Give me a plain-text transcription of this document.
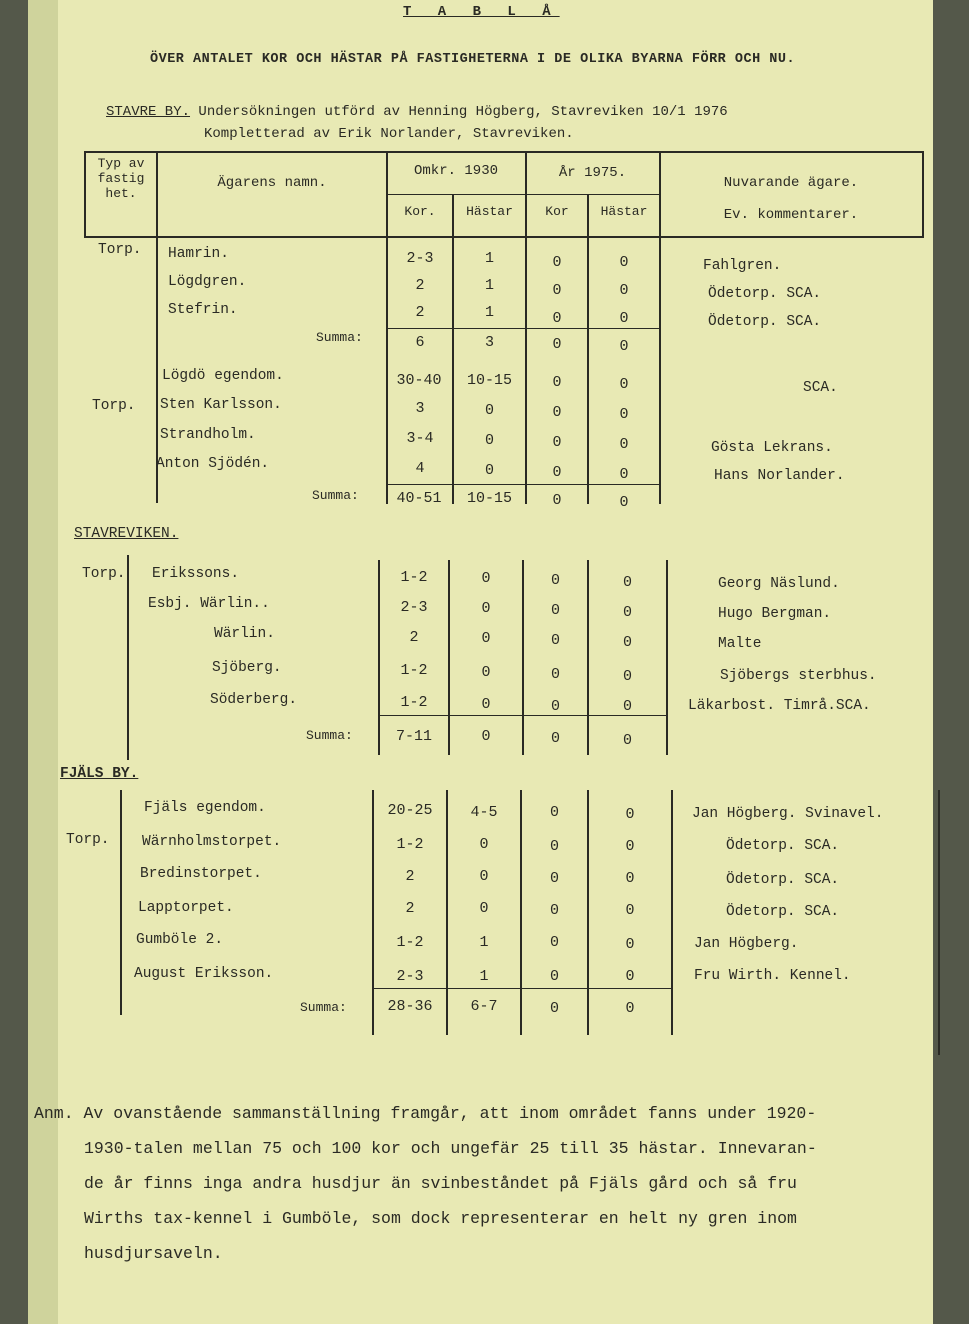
T A B L Å
ÖVER ANTALET KOR OCH HÄSTAR PÅ FASTIGHETERNA I DE OLIKA BYARNA FÖRR OCH NU.
STAVRE BY. Undersökningen utförd av Henning Högberg, Stavreviken 10/1 1976
Kompletterad av Erik Norlander, Stavreviken.
Typ av
fastig
het.
Ägarens namn.
Omkr. 1930	År 1975.
Kor.	Hästar	Kor	Hästar
Nuvarande ägare.
Ev. kommentarer.
Torp. Hamrin.	2-3	1	0	0	Fahlgren.
Lögdgren.	2	1	0	0	Ödetorp. SCA.
Stefrin.	2	1	0	0	Ödetorp. SCA.
Summa:	6	3	0	0
Torp.
Lögdö egendom.	30-40	10-15	0	0	SCA.
Sten Karlsson.	3	0	0	0
Strandholm.	3-4	0	0	0	Gösta Lekrans.
Anton Sjödén.	4	0	0	0	Hans Norlander.
Summa:	40-51	10-15	0	0
STAVREVIKEN.
Torp. Erikssons.	1-2	0	0	0	Georg Näslund.
Esbj. Wärlin..	2-3	0	0	0	Hugo Bergman.
Wärlin.	2	0	0	0	Malte
Sjöberg.	1-2	0	0	0	Sjöbergs sterbhus.
Söderberg.	1-2	0	0	0	Läkarbost. Timrå.SCA.
Summa:	7-11	0	0	0
FJÄLS BY.
Torp.
Fjäls egendom.	20-25	4-5	0	0	Jan Högberg. Svinavel.
Wärnholmstorpet.	1-2	0	0	0	Ödetorp. SCA.
Bredinstorpet.	2	0	0	0	Ödetorp. SCA.
Lapptorpet.	2	0	0	0	Ödetorp. SCA.
Gumböle 2.	1-2	1	0	0	Jan Högberg.
August Eriksson.	2-3	1	0	0	Fru Wirth. Kennel.
Summa:	28-36	6-7	0	0
Anm. Av ovanstående sammanställning framgår, att inom området fanns under 1920-
1930-talen mellan 75 och 100 kor och ungefär 25 till 35 hästar. Innevaran-
de år finns inga andra husdjur än svinbeståndet på Fjäls gård och så fru
Wirths tax-kennel i Gumböle, som dock representerar en helt ny gren inom
husdjursaveln.
